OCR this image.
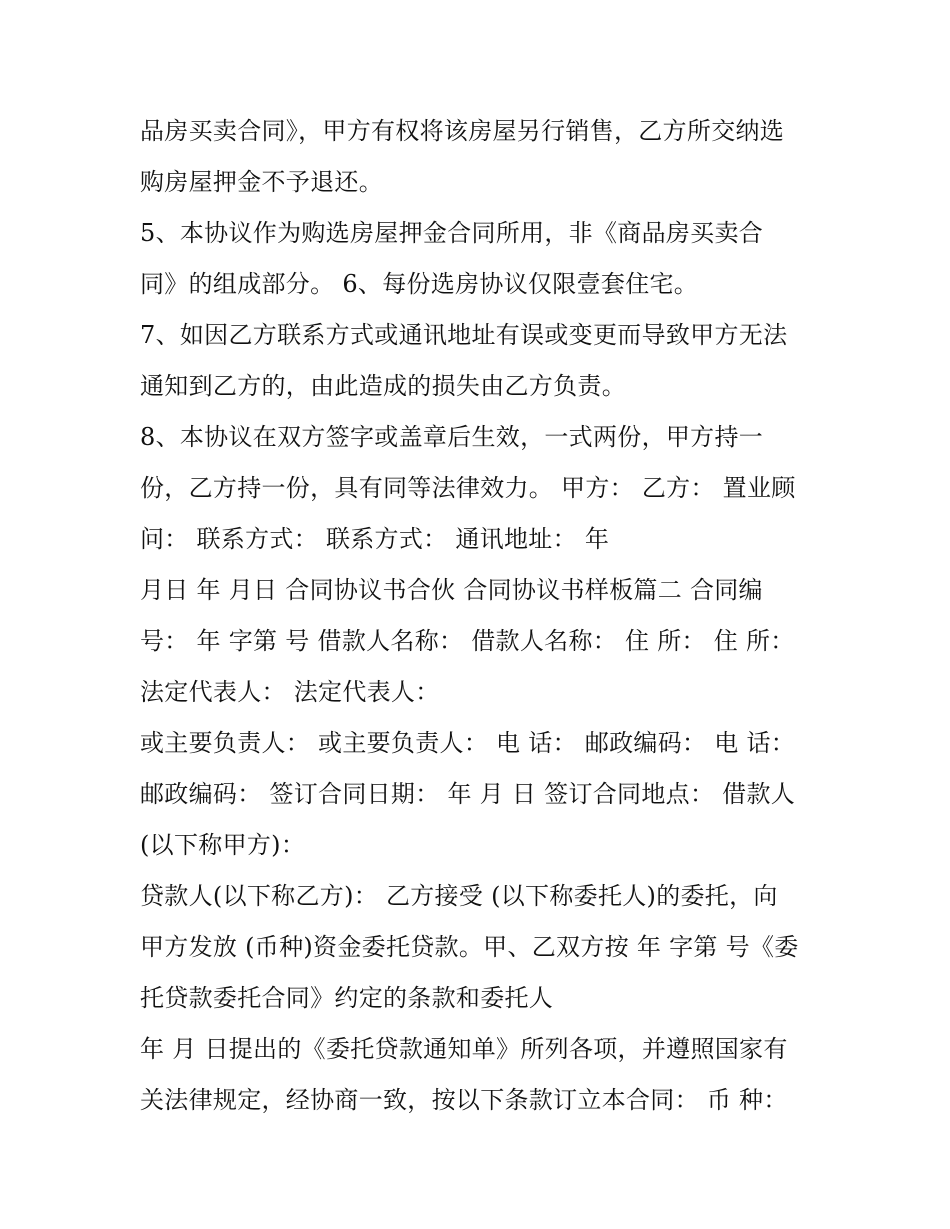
品房买卖合同》，甲方有权将该房屋另行销售，乙方所交纳选
购房屋押金不予退还。
5、本协议作为购选房屋押金合同所用，非《商品房买卖合
同》的组成部分。 6、每份选房协议仅限壹套住宅。
7、如因乙方联系方式或通讯地址有误或变更而导致甲方无法
通知到乙方的，由此造成的损失由乙方负责。
8、本协议在双方签字或盖章后生效，一式两份，甲方持一
份，乙方持一份，具有同等法律效力。 甲方： 乙方： 置业顾
问： 联系方式： 联系方式： 通讯地址： 年
月日 年 月日 合同协议书合伙 合同协议书样板篇二 合同编
号： 年 字第 号 借款人名称： 借款人名称： 住 所： 住 所：
法定代表人： 法定代表人：
或主要负责人： 或主要负责人： 电 话： 邮政编码： 电 话：
邮政编码： 签订合同日期： 年 月 日 签订合同地点： 借款人
(以下称甲方)：
贷款人(以下称乙方)： 乙方接受 (以下称委托人)的委托，向
甲方发放 (币种)资金委托贷款。甲、乙双方按 年 字第 号《委
托贷款委托合同》约定的条款和委托人
年 月 日提出的《委托贷款通知单》所列各项，并遵照国家有
关法律规定，经协商一致，按以下条款订立本合同： 币 种：
